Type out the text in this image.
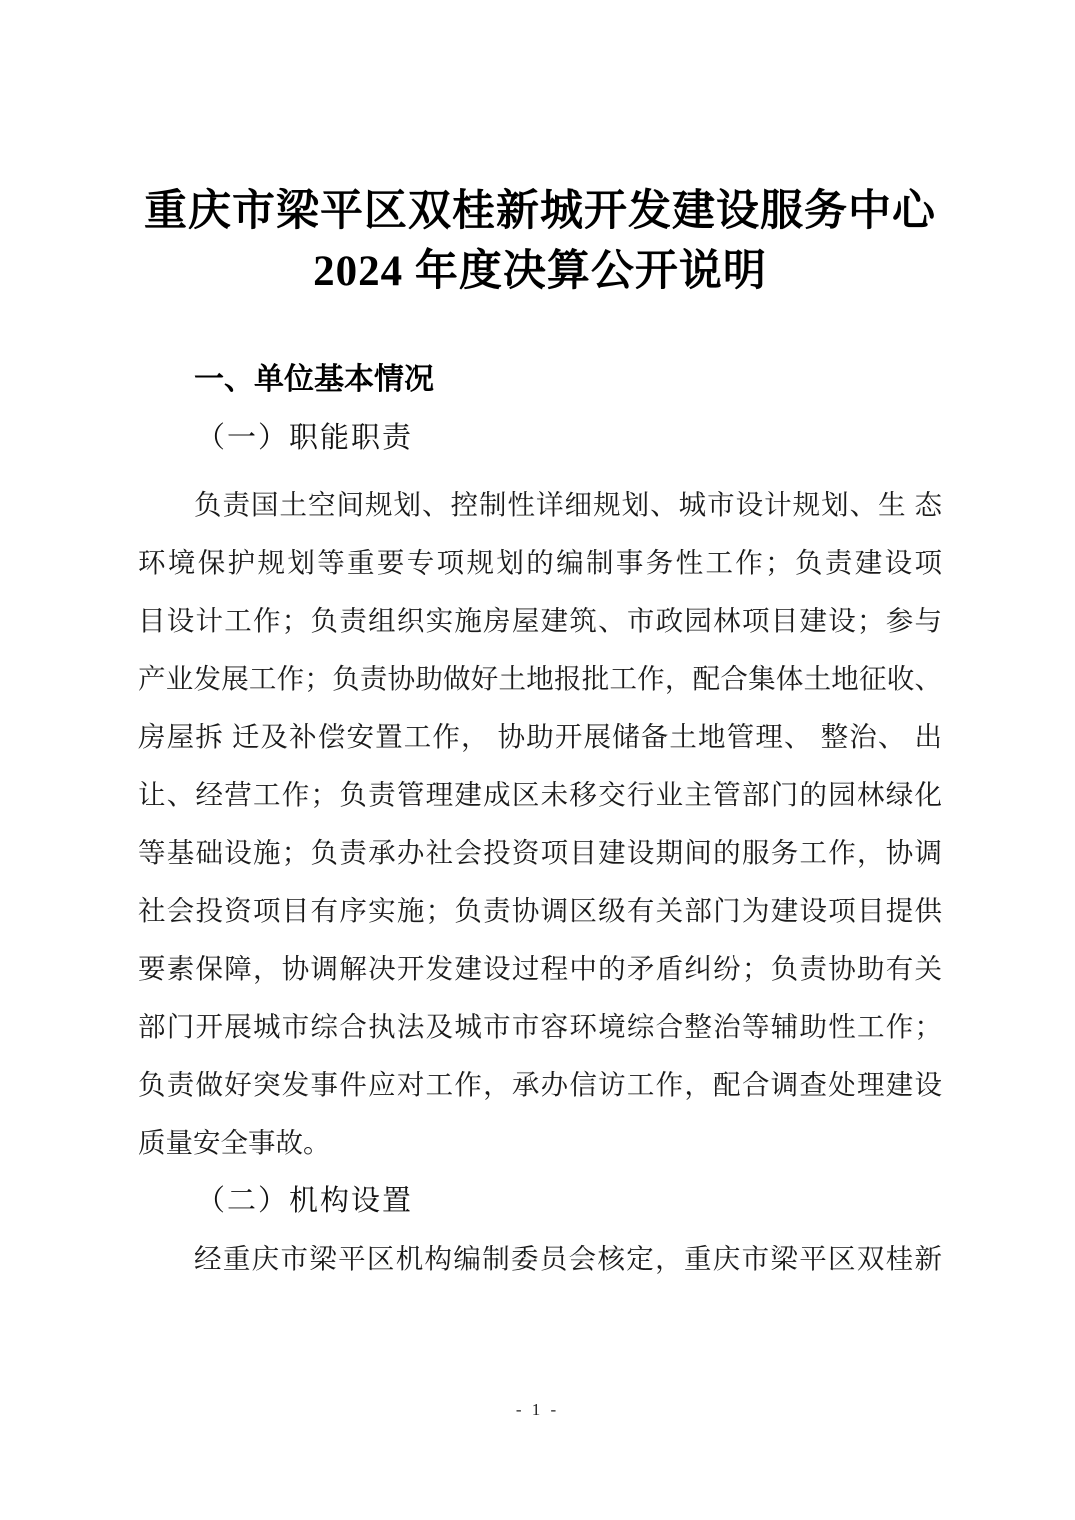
重庆市梁平区双桂新城开发建设服务中心
2024 年度决算公开说明
一、单位基本情况
（一）职能职责
负责国土空间规划、控制性详细规划、城市设计规划、生 态
环境保护规划等重要专项规划的编制事务性工作；负责建设项
目设计工作；负责组织实施房屋建筑、市政园林项目建设；参与
产业发展工作；负责协助做好土地报批工作，配合集体土地征收、
房屋拆 迁及补偿安置工作， 协助开展储备土地管理、 整治、 出
让、经营工作；负责管理建成区未移交行业主管部门的园林绿化
等基础设施；负责承办社会投资项目建设期间的服务工作，协调
社会投资项目有序实施；负责协调区级有关部门为建设项目提供
要素保障，协调解决开发建设过程中的矛盾纠纷；负责协助有关
部门开展城市综合执法及城市市容环境综合整治等辅助性工作；
负责做好突发事件应对工作，承办信访工作，配合调查处理建设
质量安全事故。
（二）机构设置
经重庆市梁平区机构编制委员会核定，重庆市梁平区双桂新
- 1 -
